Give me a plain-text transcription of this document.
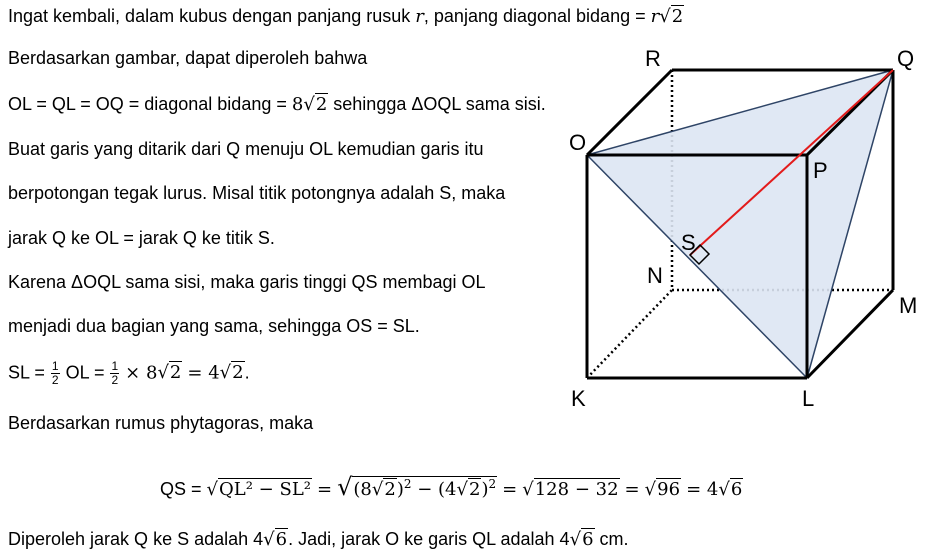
Ingat kembali, dalam kubus dengan panjang rusuk r, panjang diagonal bidang = r√2
Berdasarkan gambar, dapat diperoleh bahwa
OL = QL = OQ = diagonal bidang = 8√2 sehingga ΔOQL sama sisi.
Buat garis yang ditarik dari Q menuju OL kemudian garis itu
berpotongan tegak lurus. Misal titik potongnya adalah S, maka
jarak Q ke OL = jarak Q ke titik S.
Karena ΔOQL sama sisi, maka garis tinggi QS membagi OL
menjadi dua bagian yang sama, sehingga OS = SL.
SL = $\frac{1}{2}$ OL = $\frac{1}{2} \times 8√2 = 4√2$.
Berdasarkan rumus phytagoras, maka
QS = $√QL^2 - SL^2 = √(8√2)^2 - (4√2)^2 = √128 - 32 = √96 = 4√6$
Diperoleh jarak Q ke S adalah 4√6. Jadi, jarak O ke garis QL adalah 4√6 cm.
R	Q
O
P
S
N
M
K	L
